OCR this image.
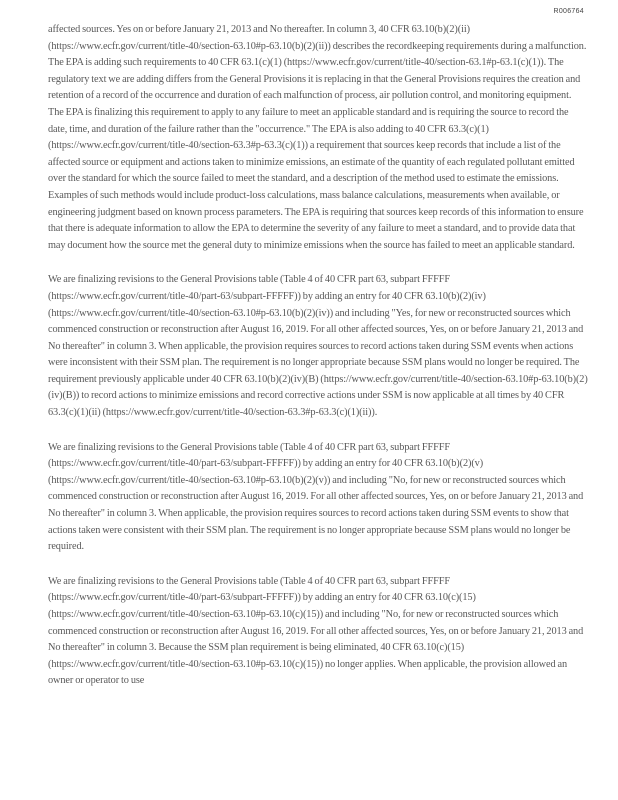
R006764

affected sources. Yes on or before January 21, 2013 and No thereafter. In column 3, 40 CFR 63.10(b)(2)(ii) (https://www.ecfr.gov/current/title-40/section-63.10#p-63.10(b)(2)(ii)) describes the recordkeeping requirements during a malfunction. The EPA is adding such requirements to 40 CFR 63.1(c)(1) (https://www.ecfr.gov/current/title-40/section-63.1#p-63.1(c)(1)). The regulatory text we are adding differs from the General Provisions it is replacing in that the General Provisions requires the creation and retention of a record of the occurrence and duration of each malfunction of process, air pollution control, and monitoring equipment. The EPA is finalizing this requirement to apply to any failure to meet an applicable standard and is requiring the source to record the date, time, and duration of the failure rather than the "occurrence." The EPA is also adding to 40 CFR 63.3(c)(1) (https://www.ecfr.gov/current/title-40/section-63.3#p-63.3(c)(1)) a requirement that sources keep records that include a list of the affected source or equipment and actions taken to minimize emissions, an estimate of the quantity of each regulated pollutant emitted over the standard for which the source failed to meet the standard, and a description of the method used to estimate the emissions. Examples of such methods would include product-loss calculations, mass balance calculations, measurements when available, or engineering judgment based on known process parameters. The EPA is requiring that sources keep records of this information to ensure that there is adequate information to allow the EPA to determine the severity of any failure to meet a standard, and to provide data that may document how the source met the general duty to minimize emissions when the source has failed to meet an applicable standard.

We are finalizing revisions to the General Provisions table (Table 4 of 40 CFR part 63, subpart FFFFF (https://www.ecfr.gov/current/title-40/part-63/subpart-FFFFF)) by adding an entry for 40 CFR 63.10(b)(2)(iv) (https://www.ecfr.gov/current/title-40/section-63.10#p-63.10(b)(2)(iv)) and including "Yes, for new or reconstructed sources which commenced construction or reconstruction after August 16, 2019. For all other affected sources, Yes, on or before January 21, 2013 and No thereafter" in column 3. When applicable, the provision requires sources to record actions taken during SSM events when actions were inconsistent with their SSM plan. The requirement is no longer appropriate because SSM plans would no longer be required. The requirement previously applicable under 40 CFR 63.10(b)(2)(iv)(B) (https://www.ecfr.gov/current/title-40/section-63.10#p-63.10(b)(2)(iv)(B)) to record actions to minimize emissions and record corrective actions under SSM is now applicable at all times by 40 CFR 63.3(c)(1)(ii) (https://www.ecfr.gov/current/title-40/section-63.3#p-63.3(c)(1)(ii)).

We are finalizing revisions to the General Provisions table (Table 4 of 40 CFR part 63, subpart FFFFF (https://www.ecfr.gov/current/title-40/part-63/subpart-FFFFF)) by adding an entry for 40 CFR 63.10(b)(2)(v) (https://www.ecfr.gov/current/title-40/section-63.10#p-63.10(b)(2)(v)) and including "No, for new or reconstructed sources which commenced construction or reconstruction after August 16, 2019. For all other affected sources, Yes, on or before January 21, 2013 and No thereafter" in column 3. When applicable, the provision requires sources to record actions taken during SSM events to show that actions taken were consistent with their SSM plan. The requirement is no longer appropriate because SSM plans would no longer be required.

We are finalizing revisions to the General Provisions table (Table 4 of 40 CFR part 63, subpart FFFFF (https://www.ecfr.gov/current/title-40/part-63/subpart-FFFFF)) by adding an entry for 40 CFR 63.10(c)(15) (https://www.ecfr.gov/current/title-40/section-63.10#p-63.10(c)(15)) and including "No, for new or reconstructed sources which commenced construction or reconstruction after August 16, 2019. For all other affected sources, Yes, on or before January 21, 2013 and No thereafter" in column 3. Because the SSM plan requirement is being eliminated, 40 CFR 63.10(c)(15) (https://www.ecfr.gov/current/title-40/section-63.10#p-63.10(c)(15)) no longer applies. When applicable, the provision allowed an owner or operator to use
